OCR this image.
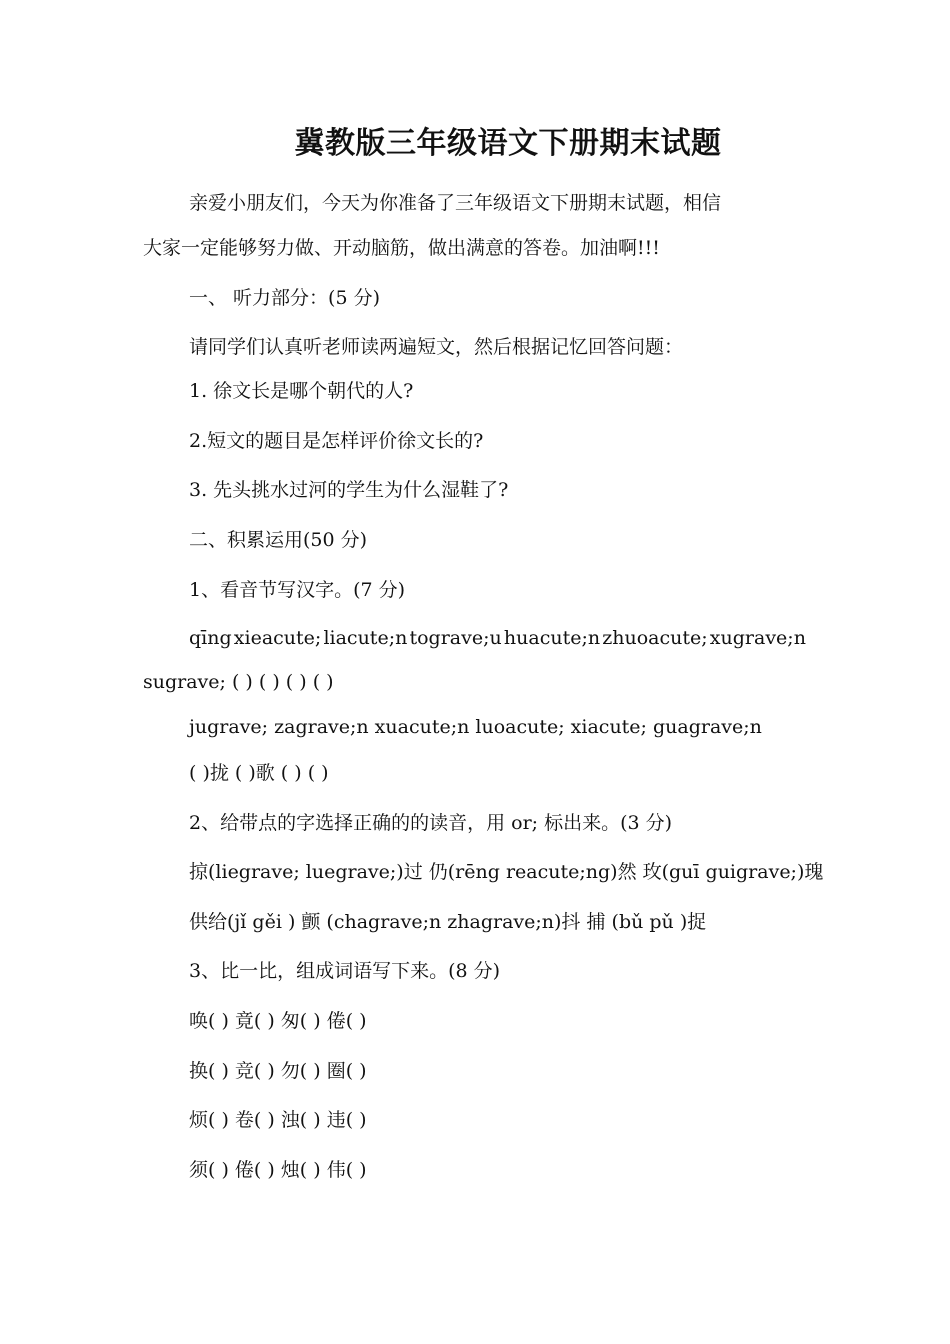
冀教版三年级语文下册期末试题
亲爱小朋友们，今天为你准备了三年级语文下册期末试题，相信
大家一定能够努力做、开动脑筋，做出满意的答卷。加油啊!!!
一、 听力部分：(5 分)
请同学们认真听老师读两遍短文，然后根据记忆回答问题：
1. 徐文长是哪个朝代的人?
2.短文的题目是怎样评价徐文长的?
3. 先头挑水过河的学生为什么湿鞋了?
二、积累运用(50 分)
1、看音节写汉字。(7 分)
qīng xieacute; liacute;n tograve;u huacute;n zhuoacute; xugrave;n
sugrave; ( ) ( ) ( ) ( )
jugrave; zagrave;n xuacute;n luoacute; xiacute; guagrave;n
( )拢 ( )歌 ( ) ( )
2、给带点的字选择正确的的读音，用 or; 标出来。(3 分)
掠(liegrave; luegrave;)过 仍(rēng reacute;ng)然 玫(guī guigrave;)瑰
供给(jǐ gěi ) 颤 (chagrave;n zhagrave;n)抖 捕 (bǔ pǔ )捉
3、比一比，组成词语写下来。(8 分)
唤( ) 竟( ) 匆( ) 倦( )
换( ) 竞( ) 勿( ) 圈( )
烦( ) 卷( ) 浊( ) 违( )
须( ) 倦( ) 烛( ) 伟( )
